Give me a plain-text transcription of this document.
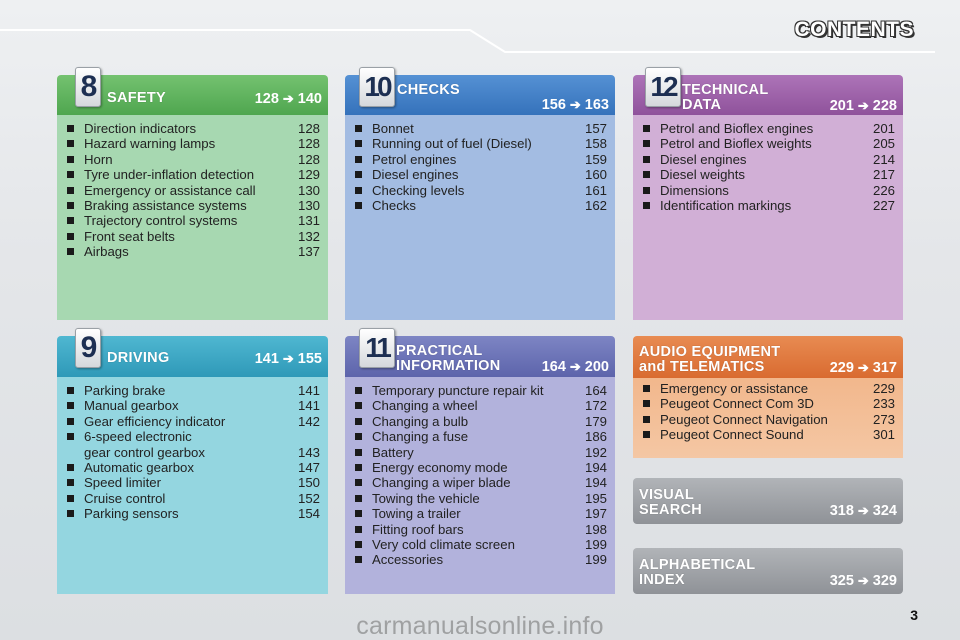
CONTENTS
8 SAFETY	128 ➔ 140
Direction indicators	128
Hazard warning lamps	128
Horn	128
Tyre under-inflation detection	129
Emergency or assistance call	130
Braking assistance systems	130
Trajectory control systems	131
Front seat belts	132
Airbags	137
10 CHECKS
156 ➔ 163
Bonnet	157
Running out of fuel (Diesel)	158
Petrol engines	159
Diesel engines	160
Checking levels	161
Checks	162
12 TECHNICAL
DATA	201 ➔ 228
Petrol and Bioflex engines	201
Petrol and Bioflex weights	205
Diesel engines	214
Diesel weights	217
Dimensions	226
Identification markings	227
9 DRIVING	141 ➔ 155
Parking brake	141
Manual gearbox	141
Gear efficiency indicator	142
6-speed electronic
gear control gearbox	143
Automatic gearbox	147
Speed limiter	150
Cruise control	152
Parking sensors	154
11 PRACTICAL
INFORMATION	164 ➔ 200
Temporary puncture repair kit	164
Changing a wheel	172
Changing a bulb	179
Changing a fuse	186
Battery	192
Energy economy mode	194
Changing a wiper blade	194
Towing the vehicle	195
Towing a trailer	197
Fitting roof bars	198
Very cold climate screen	199
Accessories	199
AUDIO EQUIPMENT
and TELEMATICS	229 ➔ 317
Emergency or assistance	229
Peugeot Connect Com 3D	233
Peugeot Connect Navigation	273
Peugeot Connect Sound	301
VISUAL
SEARCH	318 ➔ 324
ALPHABETICAL
INDEX	325 ➔ 329
3
carmanualsonline.info
